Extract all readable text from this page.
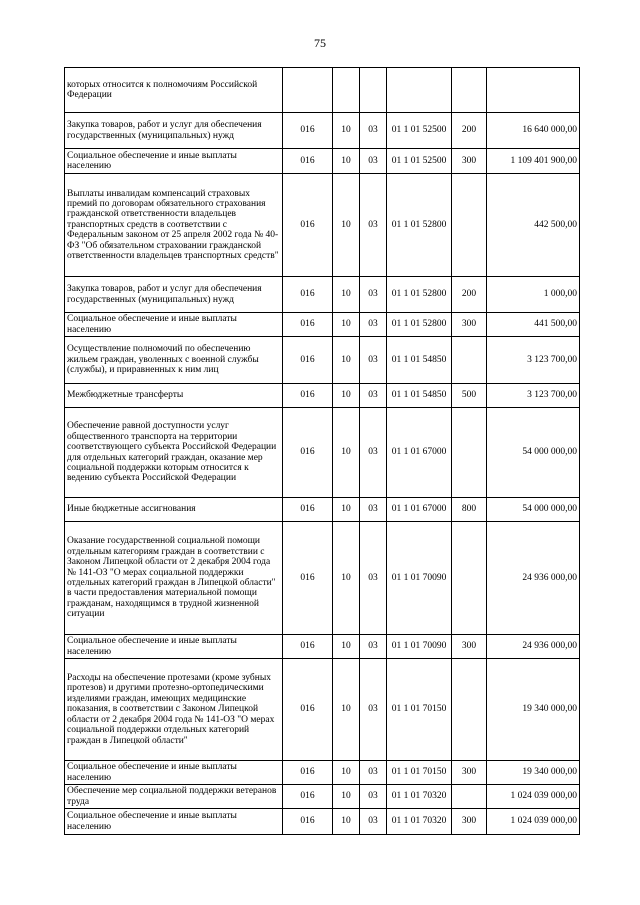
75
которых относится к полномочиям Российской Федерации						
Закупка товаров, работ и услуг для обеспечения государственных (муниципальных) нужд	016	10	03	01 1 01 52500	200	16 640 000,00
Социальное обеспечение и иные выплаты населению	016	10	03	01 1 01 52500	300	1 109 401 900,00
Выплаты инвалидам компенсаций страховых премий по договорам обязательного страхования гражданской ответственности владельцев транспортных средств в соответствии с Федеральным законом от 25 апреля 2002 года № 40-ФЗ "Об обязательном страховании гражданской ответственности владельцев транспортных средств"	016	10	03	01 1 01 52800		442 500,00
Закупка товаров, работ и услуг для обеспечения государственных (муниципальных) нужд	016	10	03	01 1 01 52800	200	1 000,00
Социальное обеспечение и иные выплаты населению	016	10	03	01 1 01 52800	300	441 500,00
Осуществление полномочий по обеспечению жильем граждан, уволенных с военной службы (службы), и приравненных к ним лиц	016	10	03	01 1 01 54850		3 123 700,00
Межбюджетные трансферты	016	10	03	01 1 01 54850	500	3 123 700,00
Обеспечение равной доступности услуг общественного транспорта на территории соответствующего субъекта Российской Федерации для отдельных категорий граждан, оказание мер социальной поддержки которым относится к ведению субъекта Российской Федерации	016	10	03	01 1 01 67000		54 000 000,00
Иные бюджетные ассигнования	016	10	03	01 1 01 67000	800	54 000 000,00
Оказание государственной социальной помощи отдельным категориям граждан в соответствии с Законом Липецкой области от 2 декабря 2004 года № 141-ОЗ "О мерах социальной поддержки отдельных категорий граждан в Липецкой области" в части предоставления материальной помощи гражданам, находящимся в трудной жизненной ситуации	016	10	03	01 1 01 70090		24 936 000,00
Социальное обеспечение и иные выплаты населению	016	10	03	01 1 01 70090	300	24 936 000,00
Расходы на обеспечение протезами (кроме зубных протезов) и другими протезно-ортопедическими изделиями граждан, имеющих медицинские показания, в соответствии с Законом Липецкой области от 2 декабря 2004 года № 141-ОЗ "О мерах социальной поддержки отдельных категорий граждан в Липецкой области"	016	10	03	01 1 01 70150		19 340 000,00
Социальное обеспечение и иные выплаты населению	016	10	03	01 1 01 70150	300	19 340 000,00
Обеспечение мер социальной поддержки ветеранов труда	016	10	03	01 1 01 70320		1 024 039 000,00
Социальное обеспечение и иные выплаты населению	016	10	03	01 1 01 70320	300	1 024 039 000,00
